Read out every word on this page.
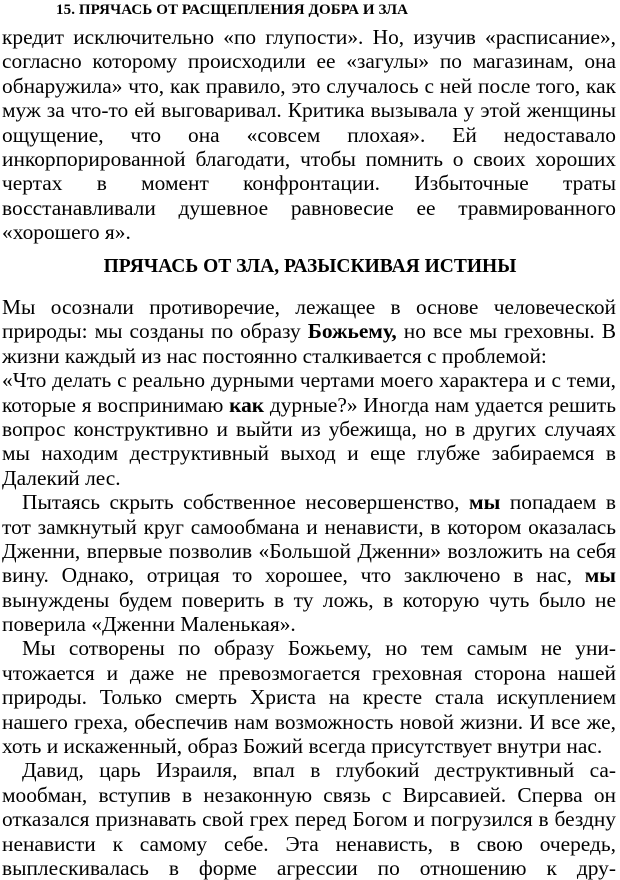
15. ПРЯЧАСЬ ОТ РАСЩЕПЛЕНИЯ ДОБРА И ЗЛА
кредит исключительно «по глупости». Но, изучив «расписание»,
согласно которому происходили ее «загулы» по магазинам, она
обнаружила» что, как правило, это случалось с ней после того, как
муж за что-то ей выговаривал. Критика вызывала у этой женщины
ощущение, что она «совсем плохая». Ей недоставало
инкорпорированной благодати, чтобы помнить о своих хороших
чертах в момент конфронтации. Избыточные траты
восстанавливали душевное равновесие ее травмированного
«хорошего я».
ПРЯЧАСЬ ОТ ЗЛА, РАЗЫСКИВАЯ ИСТИНЫ
Мы осознали противоречие, лежащее в основе человеческой
природы: мы созданы по образу Божьему, но все мы греховны. В
жизни каждый из нас постоянно сталкивается с проблемой:
«Что делать с реально дурными чертами моего характера и с теми,
которые я воспринимаю как дурные?» Иногда нам удается решить
вопрос конструктивно и выйти из убежища, но в других случаях
мы находим деструктивный выход и еще глубже забираемся в
Далекий лес.
Пытаясь скрыть собственное несовершенство, мы попадаем в
тот замкнутый круг самообмана и ненависти, в котором оказалась
Дженни, впервые позволив «Большой Дженни» возложить на себя
вину. Однако, отрицая то хорошее, что заключено в нас, мы
вынуждены будем поверить в ту ложь, в которую чуть было не
поверила «Дженни Маленькая».
Мы сотворены по образу Божьему, но тем самым не уни-
чтожается и даже не превозмогается греховная сторона нашей
природы. Только смерть Христа на кресте стала искуплением
нашего греха, обеспечив нам возможность новой жизни. И все же,
хоть и искаженный, образ Божий всегда присутствует внутри нас.
Давид, царь Израиля, впал в глубокий деструктивный са-
мообман, вступив в незаконную связь с Вирсавией. Сперва он
отказался признавать свой грех перед Богом и погрузился в бездну
ненависти к самому себе. Эта ненависть, в свою очередь,
выплескивалась в форме агрессии по отношению к дру-
